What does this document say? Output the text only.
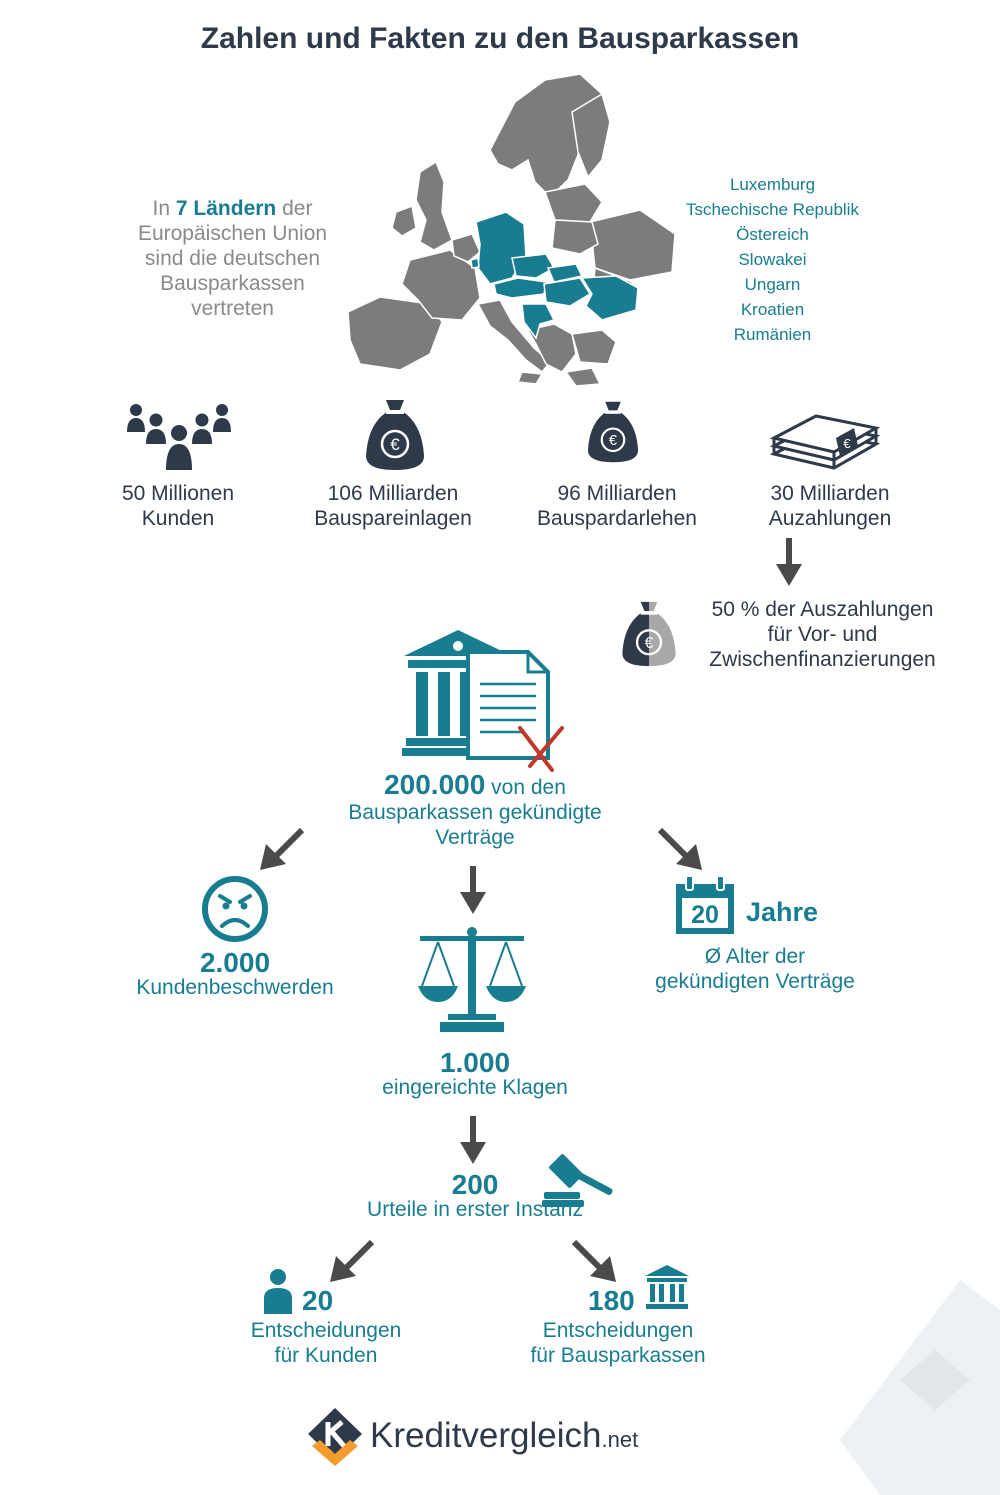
Zahlen und Fakten zu den Bausparkassen
In 7 Ländern der Europäischen Union sind die deutschen Bausparkassen vertreten
Luxemburg
Tschechische Republik
Östereich
Slowakei
Ungarn
Kroatien
Rumänien
€	€	€
50 Millionen
Kunden
106 Milliarden
Bauspareinlagen
96 Milliarden
Bauspardarlehen
30 Milliarden
Auzahlungen
€
50 % der Auszahlungen
für Vor- und
Zwischenfinanzierungen
200.000 von den
Bausparkassen gekündigte
Verträge
2.000
Kundenbeschwerden
20	Jahre
Ø Alter der
gekündigten Verträge
1.000
eingereichte Klagen
200
Urteile in erster Instanz
20
Entscheidungen
für Kunden
180
Entscheidungen
für Bausparkassen
Kreditvergleich.net
